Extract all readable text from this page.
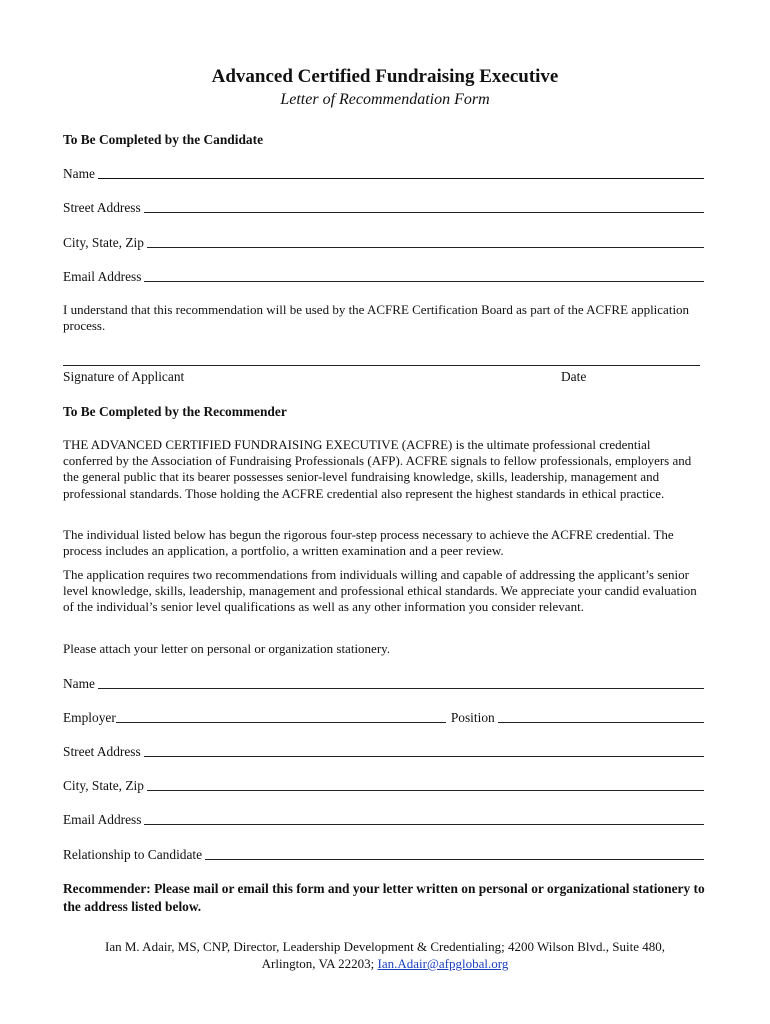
Advanced Certified Fundraising Executive
Letter of Recommendation Form
To Be Completed by the Candidate
Name
Street Address
City, State, Zip
Email Address

I understand that this recommendation will be used by the ACFRE Certification Board as part of the ACFRE application process.

Signature of Applicant	Date
To Be Completed by the Recommender

THE ADVANCED CERTIFIED FUNDRAISING EXECUTIVE (ACFRE) is the ultimate professional credential conferred by the Association of Fundraising Professionals (AFP). ACFRE signals to fellow professionals, employers and the general public that its bearer possesses senior-level fundraising knowledge, skills, leadership, management and professional standards. Those holding the ACFRE credential also represent the highest standards in ethical practice.

The individual listed below has begun the rigorous four-step process necessary to achieve the ACFRE credential. The process includes an application, a portfolio, a written examination and a peer review.

The application requires two recommendations from individuals willing and capable of addressing the applicant’s senior level knowledge, skills, leadership, management and professional ethical standards. We appreciate your candid evaluation of the individual’s senior level qualifications as well as any other information you consider relevant.

Please attach your letter on personal or organization stationery.

Name
Employer	Position
Street Address
City, State, Zip
Email Address
Relationship to Candidate

Recommender: Please mail or email this form and your letter written on personal or organizational stationery to the address listed below.

Ian M. Adair, MS, CNP, Director, Leadership Development & Credentialing; 4200 Wilson Blvd., Suite 480,
Arlington, VA 22203; Ian.Adair@afpglobal.org
